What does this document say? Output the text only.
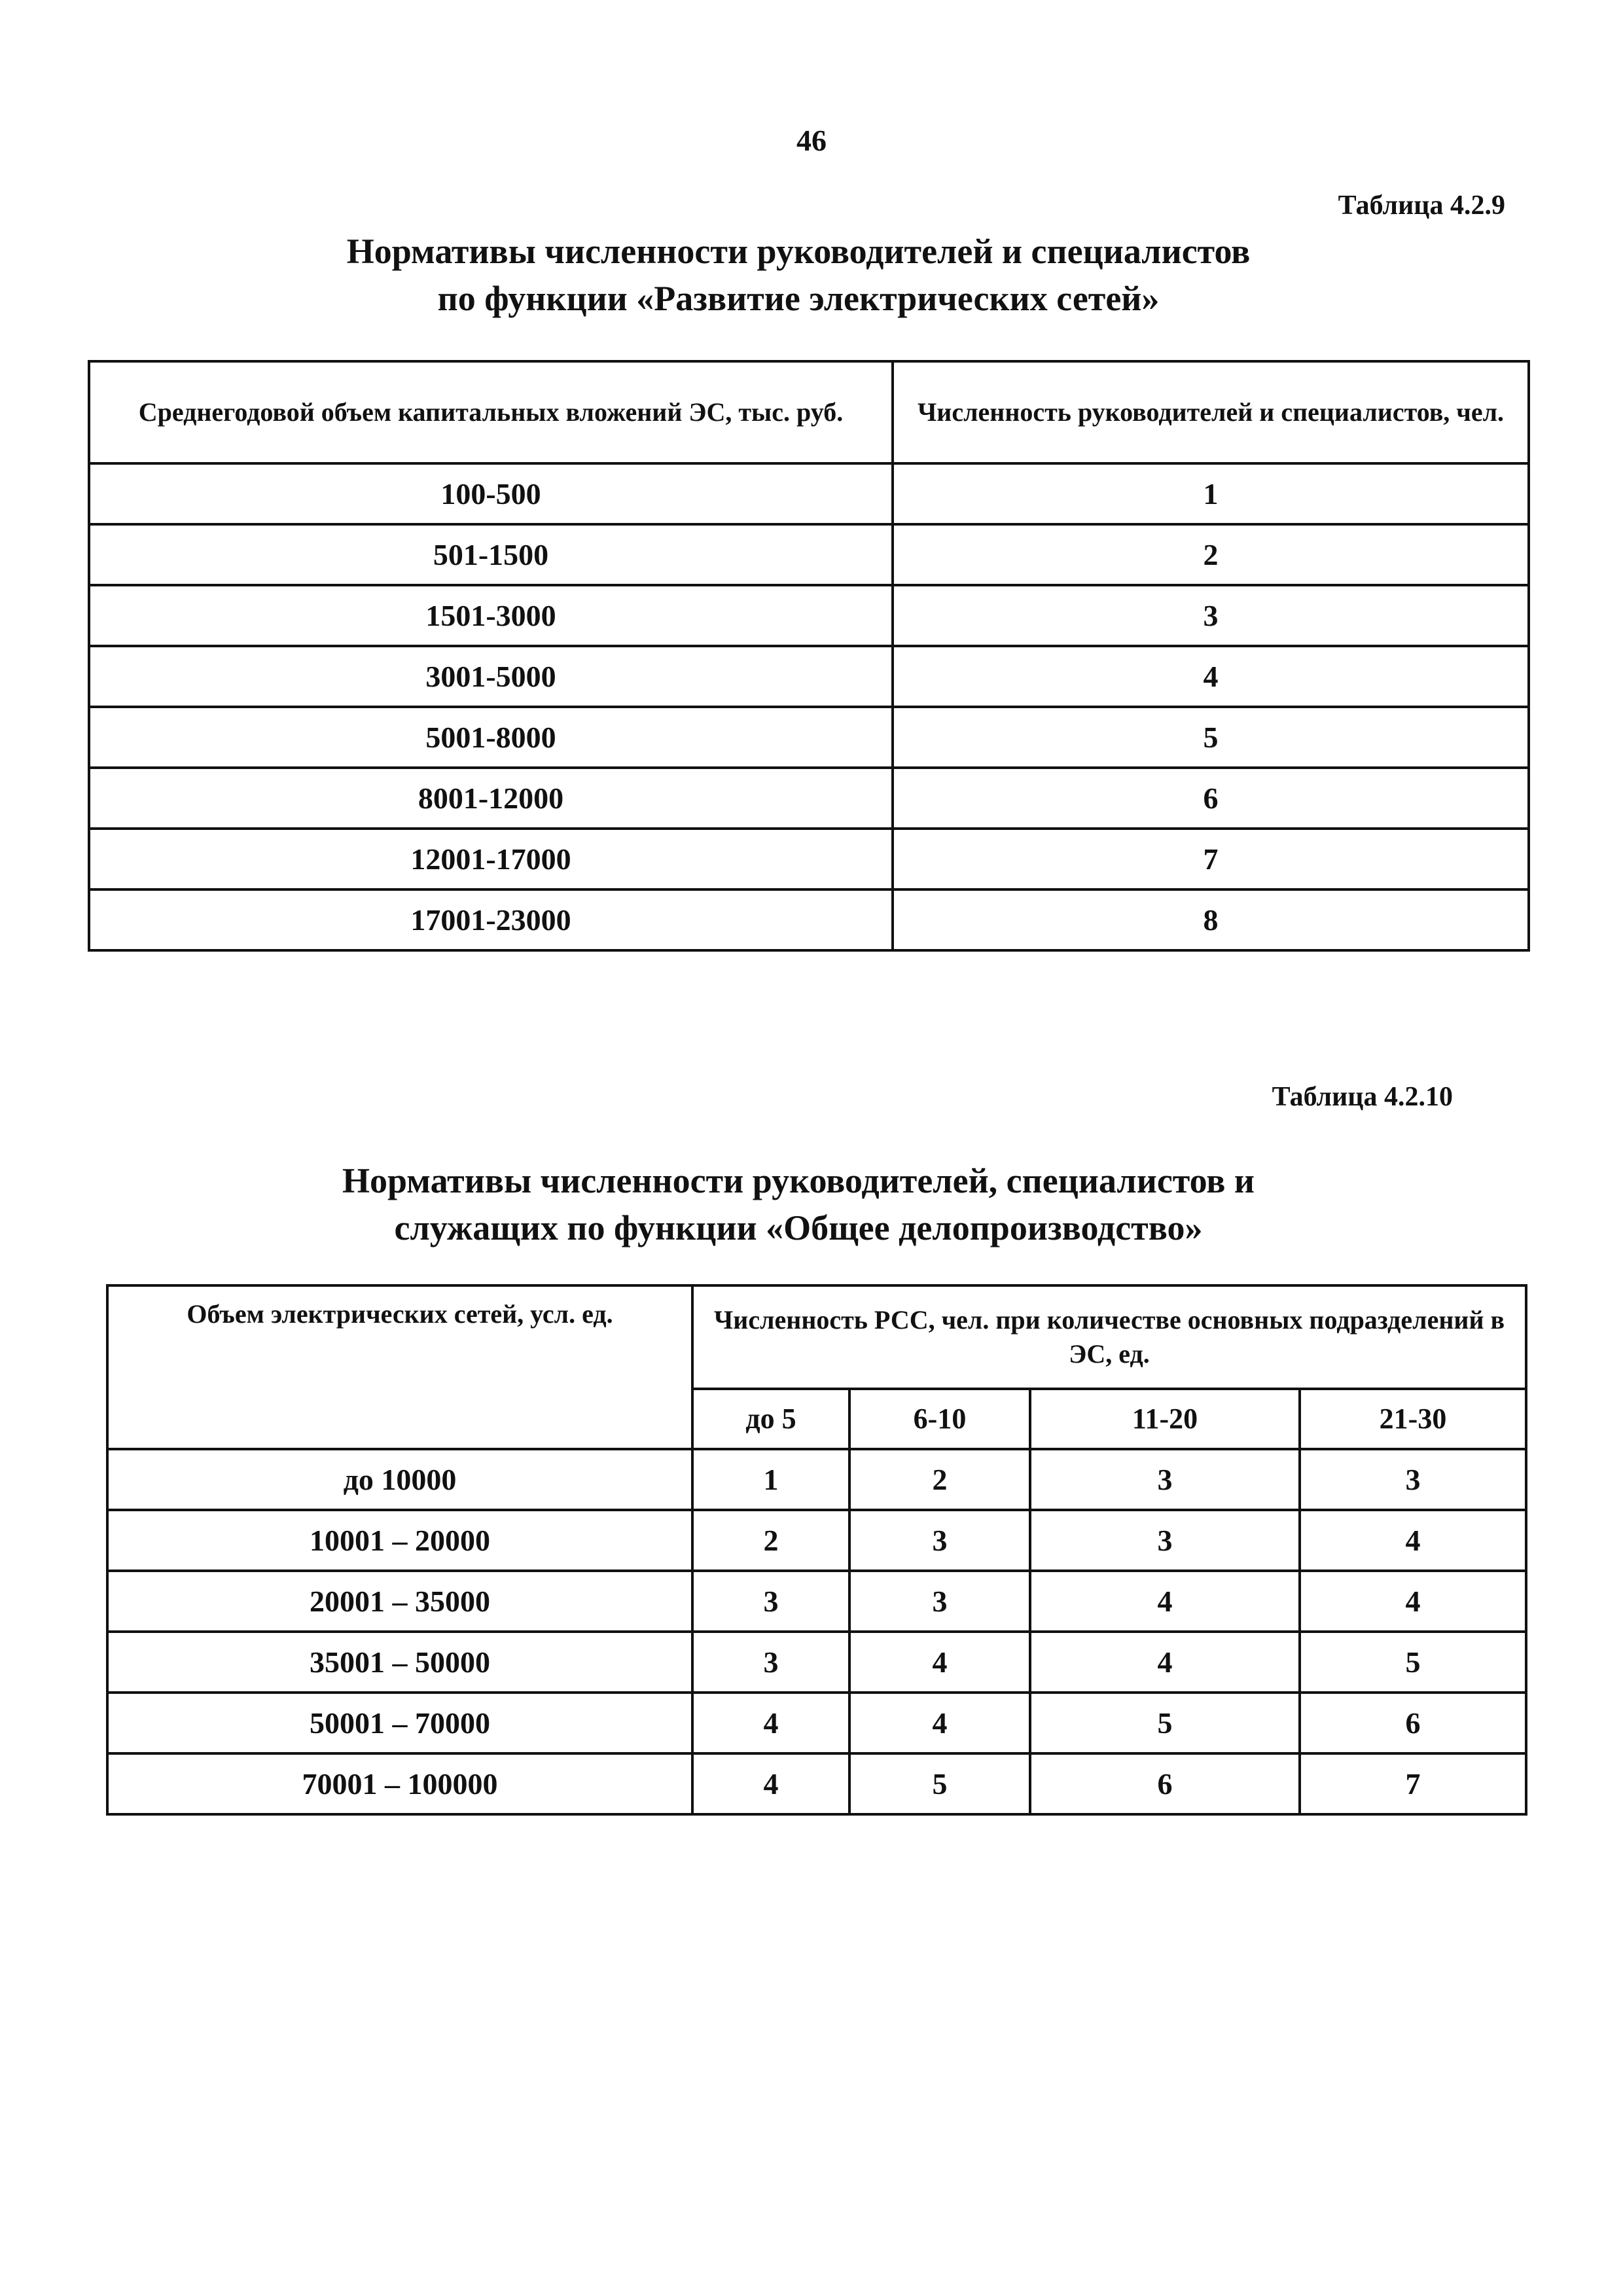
46
Таблица 4.2.9
Нормативы численности руководителей и специалистов
по функции «Развитие электрических сетей»
Среднегодовой объем капитальных вложений ЭС, тыс. руб.	Численность руководителей и специалистов, чел.
100-500	1
501-1500	2
1501-3000	3
3001-5000	4
5001-8000	5
8001-12000	6
12001-17000	7
17001-23000	8
Таблица 4.2.10
Нормативы численности руководителей, специалистов и
служащих по функции «Общее делопроизводство»
Объем электрических сетей, усл. ед.	Численность РСС, чел. при количестве основных подразделений в ЭС, ед.			
	до 5	6-10	11-20	21-30
до 10000	1	2	3	3
10001 – 20000	2	3	3	4
20001 – 35000	3	3	4	4
35001 – 50000	3	4	4	5
50001 – 70000	4	4	5	6
70001 – 100000	4	5	6	7
